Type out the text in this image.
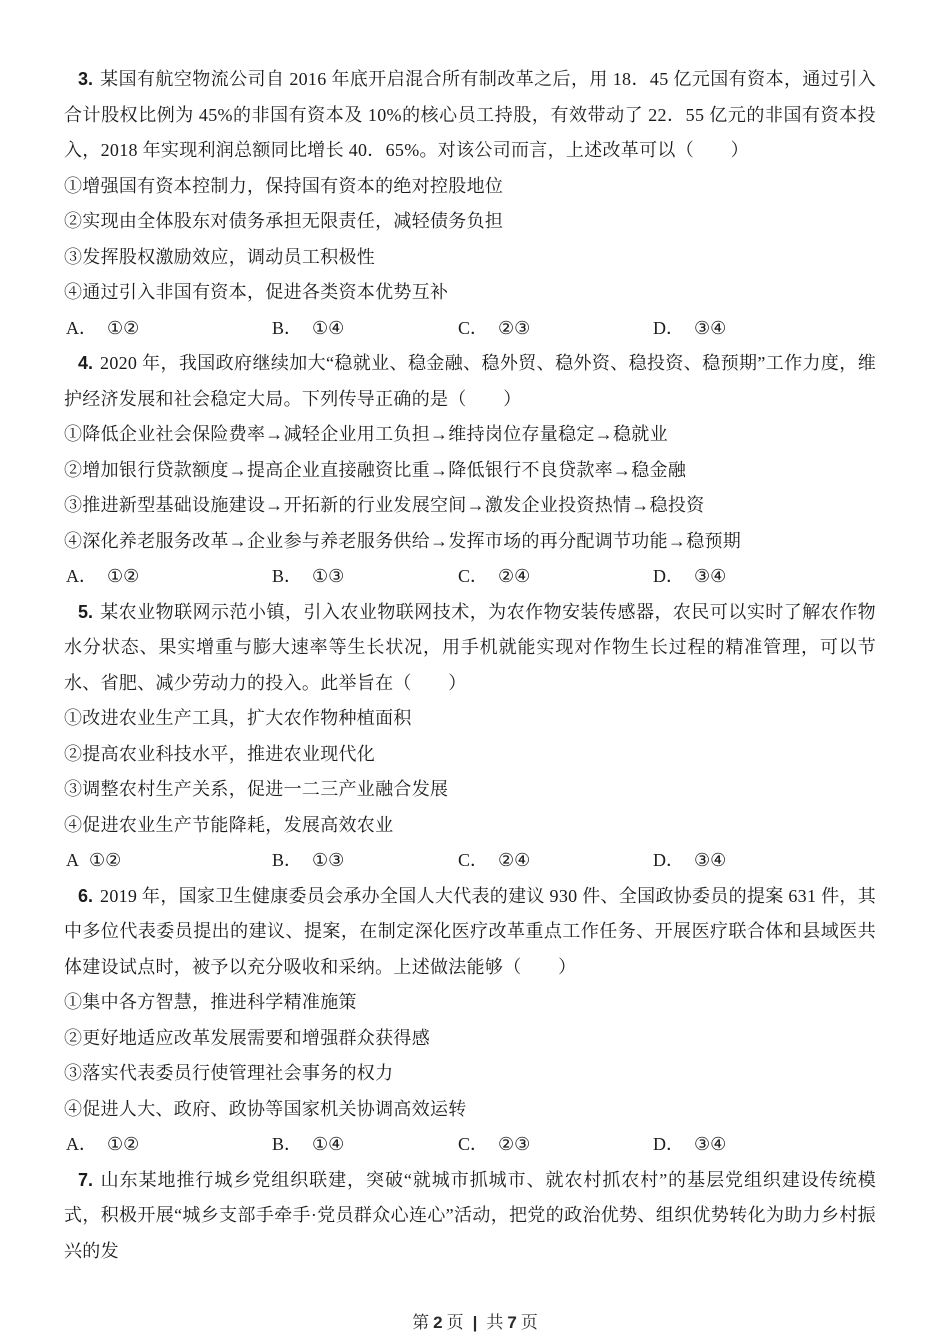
3. 某国有航空物流公司自 2016 年底开启混合所有制改革之后，用 18．45 亿元国有资本，通过引入合计股权比例为 45%的非国有资本及 10%的核心员工持股，有效带动了 22．55 亿元的非国有资本投入，2018 年实现利润总额同比增长 40．65%。对该公司而言，上述改革可以（　　）

①增强国有资本控制力，保持国有资本的绝对控股地位

②实现由全体股东对债务承担无限责任，减轻债务负担

③发挥股权激励效应，调动员工积极性

④通过引入非国有资本，促进各类资本优势互补

A． ①②	B． ①④	C． ②③	D． ③④

4. 2020 年，我国政府继续加大“稳就业、稳金融、稳外贸、稳外资、稳投资、稳预期”工作力度，维护经济发展和社会稳定大局。下列传导正确的是（　　）

①降低企业社会保险费率→减轻企业用工负担→维持岗位存量稳定→稳就业

②增加银行贷款额度→提高企业直接融资比重→降低银行不良贷款率→稳金融

③推进新型基础设施建设→开拓新的行业发展空间→激发企业投资热情→稳投资

④深化养老服务改革→企业参与养老服务供给→发挥市场的再分配调节功能→稳预期

A． ①②	B． ①③	C． ②④	D． ③④

5. 某农业物联网示范小镇，引入农业物联网技术，为农作物安装传感器，农民可以实时了解农作物水分状态、果实增重与膨大速率等生长状况，用手机就能实现对作物生长过程的精准管理，可以节水、省肥、减少劳动力的投入。此举旨在（　　）

①改进农业生产工具，扩大农作物种植面积

②提高农业科技水平，推进农业现代化

③调整农村生产关系，促进一二三产业融合发展

④促进农业生产节能降耗，发展高效农业

A ①②	B． ①③	C． ②④	D． ③④

6. 2019 年，国家卫生健康委员会承办全国人大代表的建议 930 件、全国政协委员的提案 631 件，其中多位代表委员提出的建议、提案，在制定深化医疗改革重点工作任务、开展医疗联合体和县域医共体建设试点时，被予以充分吸收和采纳。上述做法能够（　　）

①集中各方智慧，推进科学精准施策

②更好地适应改革发展需要和增强群众获得感

③落实代表委员行使管理社会事务的权力

④促进人大、政府、政协等国家机关协调高效运转

A． ①②	B． ①④	C． ②③	D． ③④

7. 山东某地推行城乡党组织联建，突破“就城市抓城市、就农村抓农村”的基层党组织建设传统模式，积极开展“城乡支部手牵手·党员群众心连心”活动，把党的政治优势、组织优势转化为助力乡村振兴的发

第 2 页 | 共 7 页
